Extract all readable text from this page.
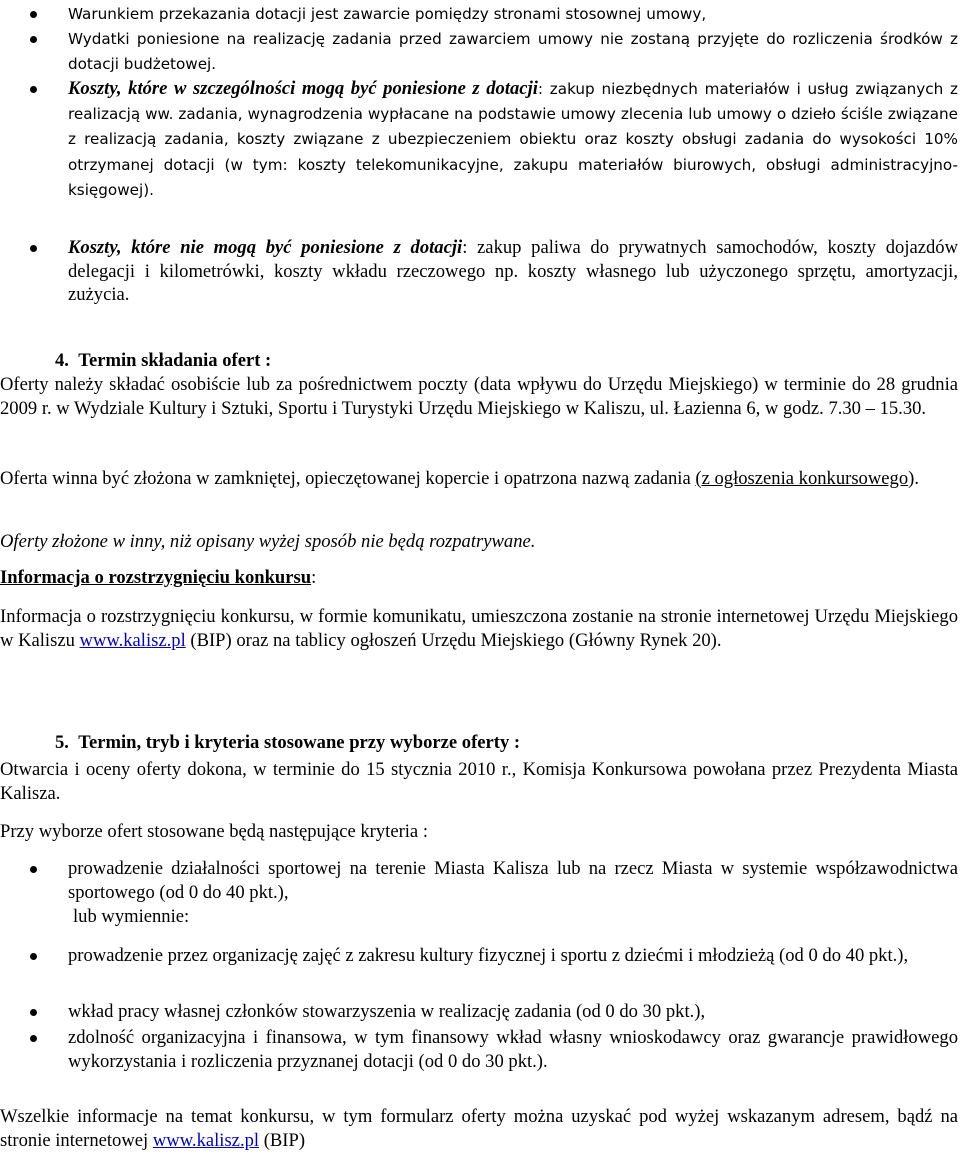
Warunkiem przekazania dotacji jest zawarcie pomiędzy stronami stosownej umowy,
Wydatki poniesione na realizację zadania przed zawarciem umowy nie zostaną przyjęte do rozliczenia środków z dotacji budżetowej.
Koszty, które w szczególności mogą być poniesione z dotacji: zakup niezbędnych materiałów i usług związanych z realizacją ww. zadania, wynagrodzenia wypłacane na podstawie umowy zlecenia lub umowy o dzieło ściśle związane z realizacją zadania, koszty związane z ubezpieczeniem obiektu oraz koszty obsługi zadania do wysokości 10% otrzymanej dotacji (w tym: koszty telekomunikacyjne, zakupu materiałów biurowych, obsługi administracyjno-księgowej).
Koszty, które nie mogą być poniesione z dotacji: zakup paliwa do prywatnych samochodów, koszty dojazdów delegacji i kilometrówki, koszty wkładu rzeczowego np. koszty własnego lub użyczonego sprzętu, amortyzacji, zużycia.
4. Termin składania ofert :
Oferty należy składać osobiście lub za pośrednictwem poczty (data wpływu do Urzędu Miejskiego) w terminie do 28 grudnia 2009 r. w Wydziale Kultury i Sztuki, Sportu i Turystyki Urzędu Miejskiego w Kaliszu, ul. Łazienna 6, w godz. 7.30 – 15.30.
Oferta winna być złożona w zamkniętej, opieczętowanej kopercie i opatrzona nazwą zadania (z ogłoszenia konkursowego).
Oferty złożone w inny, niż opisany wyżej sposób nie będą rozpatrywane.
Informacja o rozstrzygnięciu konkursu:
Informacja o rozstrzygnięciu konkursu, w formie komunikatu, umieszczona zostanie na stronie internetowej Urzędu Miejskiego w Kaliszu www.kalisz.pl (BIP) oraz na tablicy ogłoszeń Urzędu Miejskiego (Główny Rynek 20).
5. Termin, tryb i kryteria stosowane przy wyborze oferty :
Otwarcia i oceny oferty dokona, w terminie do 15 stycznia 2010 r., Komisja Konkursowa powołana przez Prezydenta Miasta Kalisza.
Przy wyborze ofert stosowane będą następujące kryteria :
prowadzenie działalności sportowej na terenie Miasta Kalisza lub na rzecz Miasta w systemie współzawodnictwa sportowego (od 0 do 40 pkt.),
lub wymiennie:
prowadzenie przez organizację zajęć z zakresu kultury fizycznej i sportu z dziećmi i młodzieżą (od 0 do 40 pkt.),
wkład pracy własnej członków stowarzyszenia w realizację zadania (od 0 do 30 pkt.),
zdolność organizacyjna i finansowa, w tym finansowy wkład własny wnioskodawcy oraz gwarancje prawidłowego wykorzystania i rozliczenia przyznanej dotacji (od 0 do 30 pkt.).
Wszelkie informacje na temat konkursu, w tym formularz oferty można uzyskać pod wyżej wskazanym adresem, bądź na stronie internetowej www.kalisz.pl (BIP)
